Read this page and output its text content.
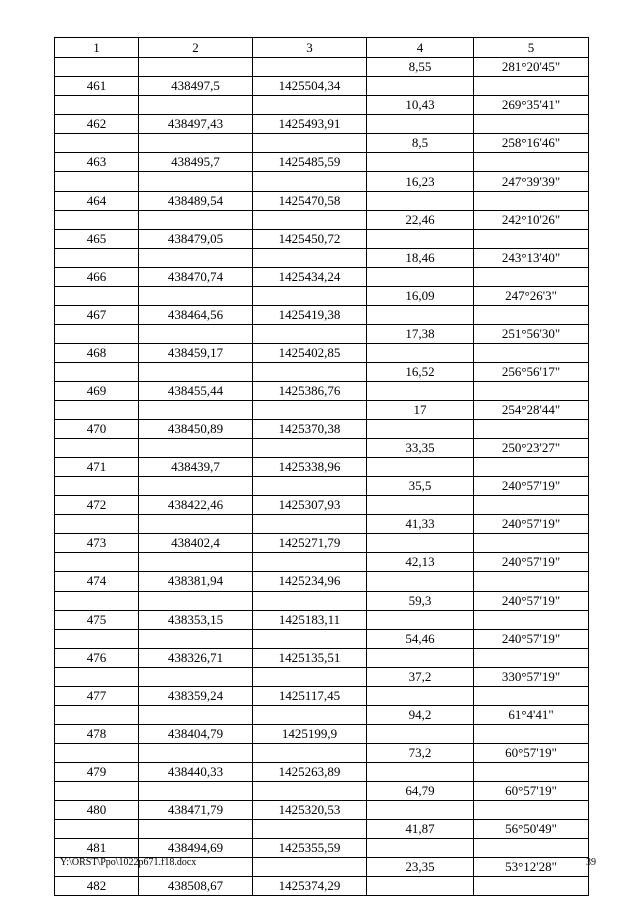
1	2	3	4	5
			8,55	281°20'45"
461	438497,5	1425504,34		
			10,43	269°35'41"
462	438497,43	1425493,91		
			8,5	258°16'46"
463	438495,7	1425485,59		
			16,23	247°39'39"
464	438489,54	1425470,58		
			22,46	242°10'26"
465	438479,05	1425450,72		
			18,46	243°13'40"
466	438470,74	1425434,24		
			16,09	247°26'3"
467	438464,56	1425419,38		
			17,38	251°56'30"
468	438459,17	1425402,85		
			16,52	256°56'17"
469	438455,44	1425386,76		
			17	254°28'44"
470	438450,89	1425370,38		
			33,35	250°23'27"
471	438439,7	1425338,96		
			35,5	240°57'19"
472	438422,46	1425307,93		
			41,33	240°57'19"
473	438402,4	1425271,79		
			42,13	240°57'19"
474	438381,94	1425234,96		
			59,3	240°57'19"
475	438353,15	1425183,11		
			54,46	240°57'19"
476	438326,71	1425135,51		
			37,2	330°57'19"
477	438359,24	1425117,45		
			94,2	61°4'41"
478	438404,79	1425199,9		
			73,2	60°57'19"
479	438440,33	1425263,89		
			64,79	60°57'19"
480	438471,79	1425320,53		
			41,87	56°50'49"
481	438494,69	1425355,59		
			23,35	53°12'28"
482	438508,67	1425374,29		
Y:\ORST\Ppo\1022p671.f18.docx	39
